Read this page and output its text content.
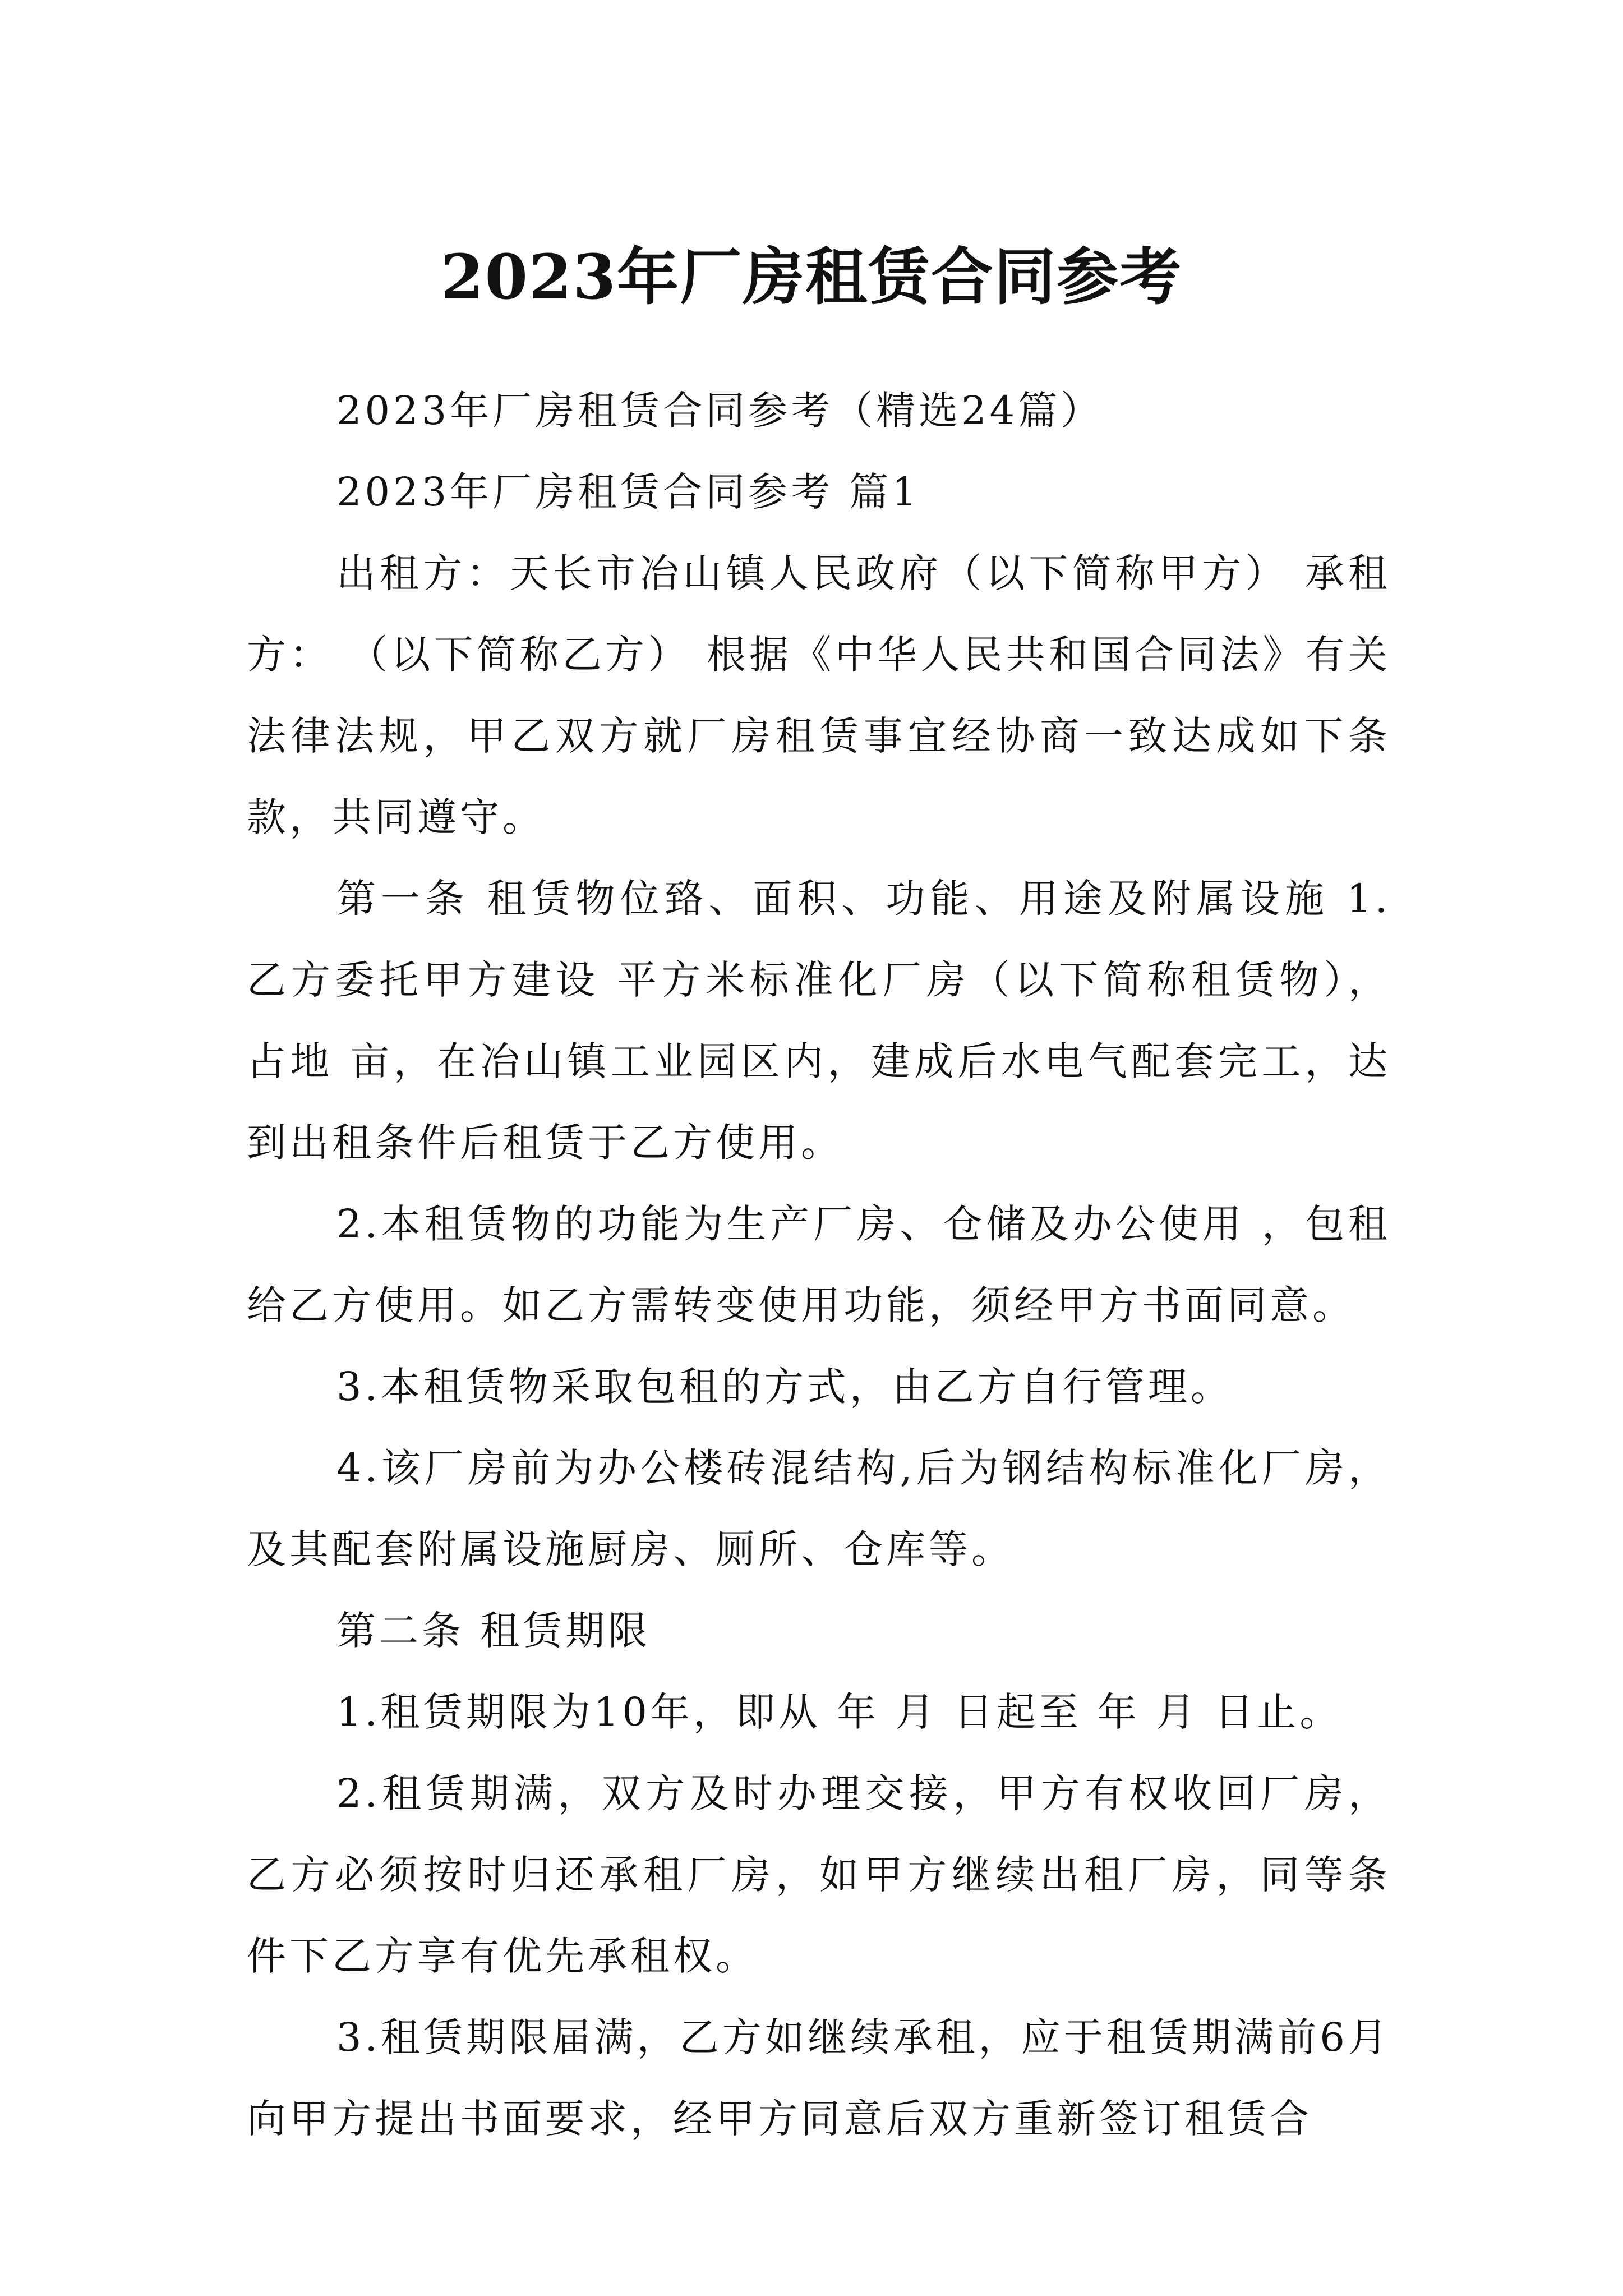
2023年厂房租赁合同参考

2023年厂房租赁合同参考（精选24篇）

2023年厂房租赁合同参考 篇1

出租方：天长市冶山镇人民政府（以下简称甲方） 承租方： （以下简称乙方） 根据《中华人民共和国合同法》有关法律法规，甲乙双方就厂房租赁事宜经协商一致达成如下条款，共同遵守。

第一条 租赁物位臵、面积、功能、用途及附属设施 1.乙方委托甲方建设 平方米标准化厂房（以下简称租赁物），占地 亩，在冶山镇工业园区内，建成后水电气配套完工，达到出租条件后租赁于乙方使用。

2.本租赁物的功能为生产厂房、仓储及办公使用 ，包租给乙方使用。如乙方需转变使用功能，须经甲方书面同意。

3.本租赁物采取包租的方式，由乙方自行管理。

4.该厂房前为办公楼砖混结构,后为钢结构标准化厂房，及其配套附属设施厨房、厕所、仓库等。

第二条 租赁期限

1.租赁期限为10年，即从 年 月 日起至 年 月 日止。

2.租赁期满，双方及时办理交接，甲方有权收回厂房，乙方必须按时归还承租厂房，如甲方继续出租厂房，同等条件下乙方享有优先承租权。

3.租赁期限届满，乙方如继续承租，应于租赁期满前6月向甲方提出书面要求，经甲方同意后双方重新签订租赁合
